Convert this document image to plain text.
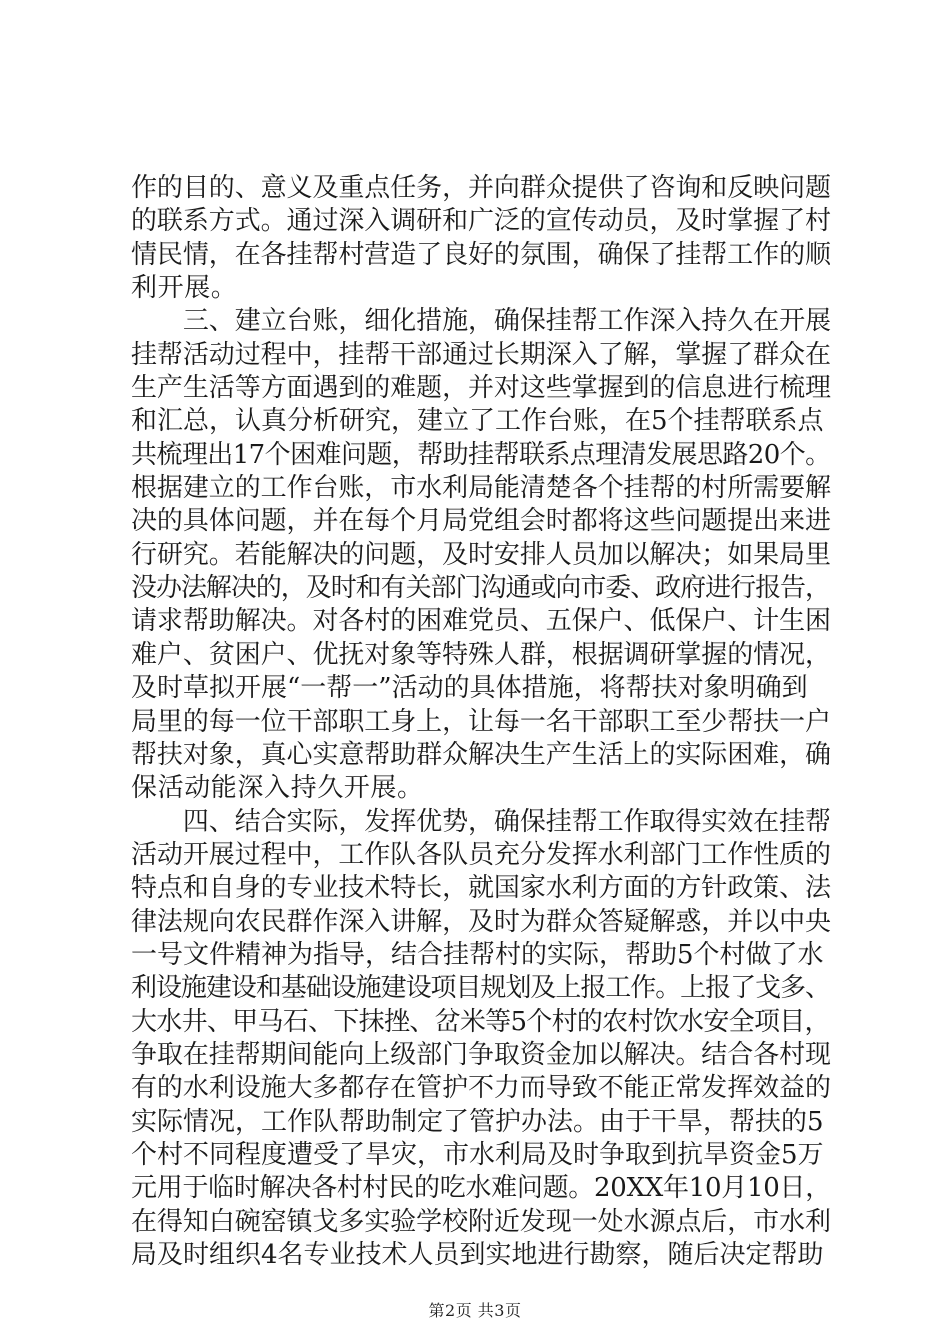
作的目的、意义及重点任务，并向群众提供了咨询和反映问题
的联系方式。通过深入调研和广泛的宣传动员，及时掌握了村
情民情，在各挂帮村营造了良好的氛围，确保了挂帮工作的顺
利开展。
　　三、建立台账，细化措施，确保挂帮工作深入持久在开展
挂帮活动过程中，挂帮干部通过长期深入了解，掌握了群众在
生产生活等方面遇到的难题，并对这些掌握到的信息进行梳理
和汇总，认真分析研究，建立了工作台账，在5个挂帮联系点
共梳理出17个困难问题，帮助挂帮联系点理清发展思路20个。
根据建立的工作台账，市水利局能清楚各个挂帮的村所需要解
决的具体问题，并在每个月局党组会时都将这些问题提出来进
行研究。若能解决的问题，及时安排人员加以解决；如果局里
没办法解决的，及时和有关部门沟通或向市委、政府进行报告，
请求帮助解决。对各村的困难党员、五保户、低保户、计生困
难户、贫困户、优抚对象等特殊人群，根据调研掌握的情况，
及时草拟开展“一帮一”活动的具体措施，将帮扶对象明确到
局里的每一位干部职工身上，让每一名干部职工至少帮扶一户
帮扶对象，真心实意帮助群众解决生产生活上的实际困难，确
保活动能深入持久开展。
　　四、结合实际，发挥优势，确保挂帮工作取得实效在挂帮
活动开展过程中，工作队各队员充分发挥水利部门工作性质的
特点和自身的专业技术特长，就国家水利方面的方针政策、法
律法规向农民群作深入讲解，及时为群众答疑解惑，并以中央
一号文件精神为指导，结合挂帮村的实际，帮助5个村做了水
利设施建设和基础设施建设项目规划及上报工作。上报了戈多、
大水井、甲马石、下抹挫、岔米等5个村的农村饮水安全项目，
争取在挂帮期间能向上级部门争取资金加以解决。结合各村现
有的水利设施大多都存在管护不力而导致不能正常发挥效益的
实际情况，工作队帮助制定了管护办法。由于干旱，帮扶的5
个村不同程度遭受了旱灾，市水利局及时争取到抗旱资金5万
元用于临时解决各村村民的吃水难问题。20XX年10月10日，
在得知白碗窑镇戈多实验学校附近发现一处水源点后，市水利
局及时组织4名专业技术人员到实地进行勘察，随后决定帮助
第2页 共3页
